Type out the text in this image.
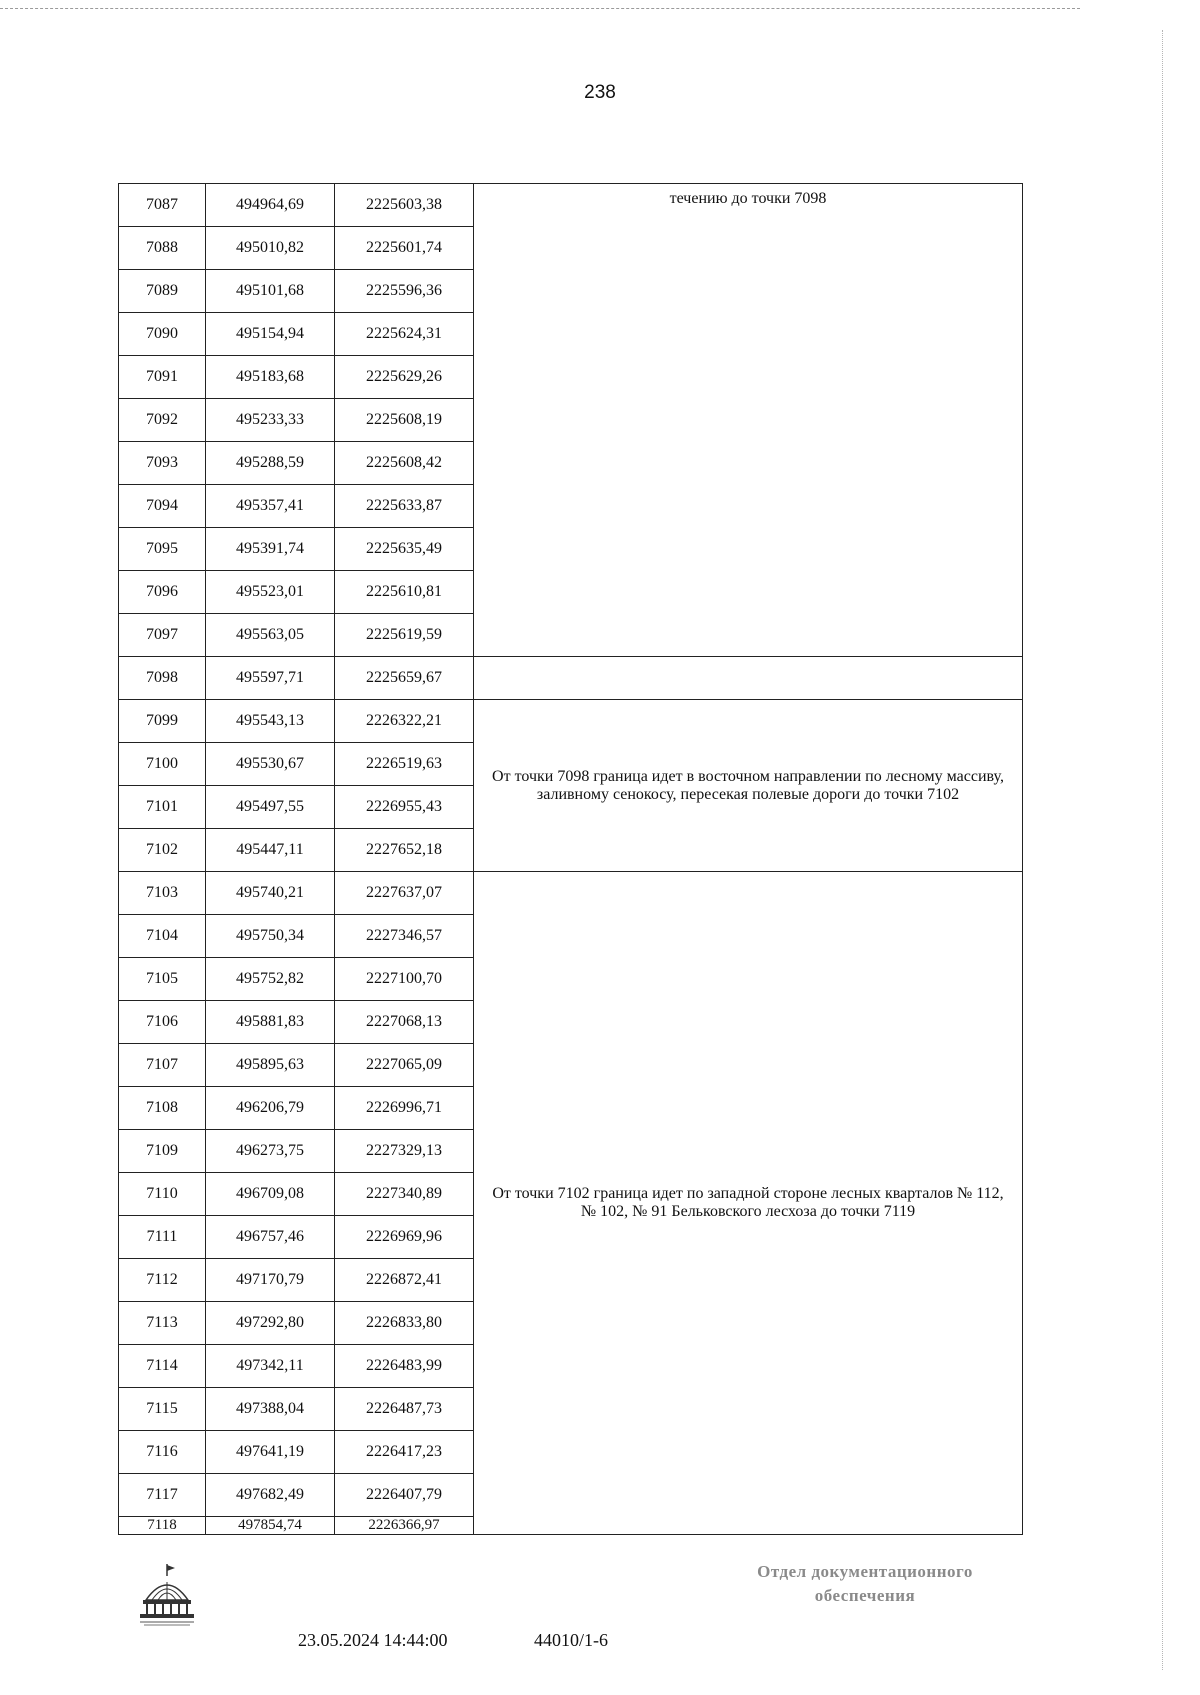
238
7087	494964,69	2225603,38	течению до точки 7098
7088	495010,82	2225601,74	
7089	495101,68	2225596,36	
7090	495154,94	2225624,31	
7091	495183,68	2225629,26	
7092	495233,33	2225608,19	
7093	495288,59	2225608,42	
7094	495357,41	2225633,87	
7095	495391,74	2225635,49	
7096	495523,01	2225610,81	
7097	495563,05	2225619,59	
7098	495597,71	2225659,67	
7099	495543,13	2226322,21	От точки 7098 граница идет в восточном направлении по лесному массиву, заливному сенокосу, пересекая полевые дороги до точки 7102
7100	495530,67	2226519,63	
7101	495497,55	2226955,43	
7102	495447,11	2227652,18	
7103	495740,21	2227637,07	От точки 7102 граница идет по западной стороне лесных кварталов № 112, № 102, № 91 Бельковского лесхоза до точки 7119
7104	495750,34	2227346,57	
7105	495752,82	2227100,70	
7106	495881,83	2227068,13	
7107	495895,63	2227065,09	
7108	496206,79	2226996,71	
7109	496273,75	2227329,13	
7110	496709,08	2227340,89	
7111	496757,46	2226969,96	
7112	497170,79	2226872,41	
7113	497292,80	2226833,80	
7114	497342,11	2226483,99	
7115	497388,04	2226487,73	
7116	497641,19	2226417,23	
7117	497682,49	2226407,79	
7118	497854,74	2226366,97	
23.05.2024 14:44:00	44010/1-6
Отдел документационного
обеспечения
